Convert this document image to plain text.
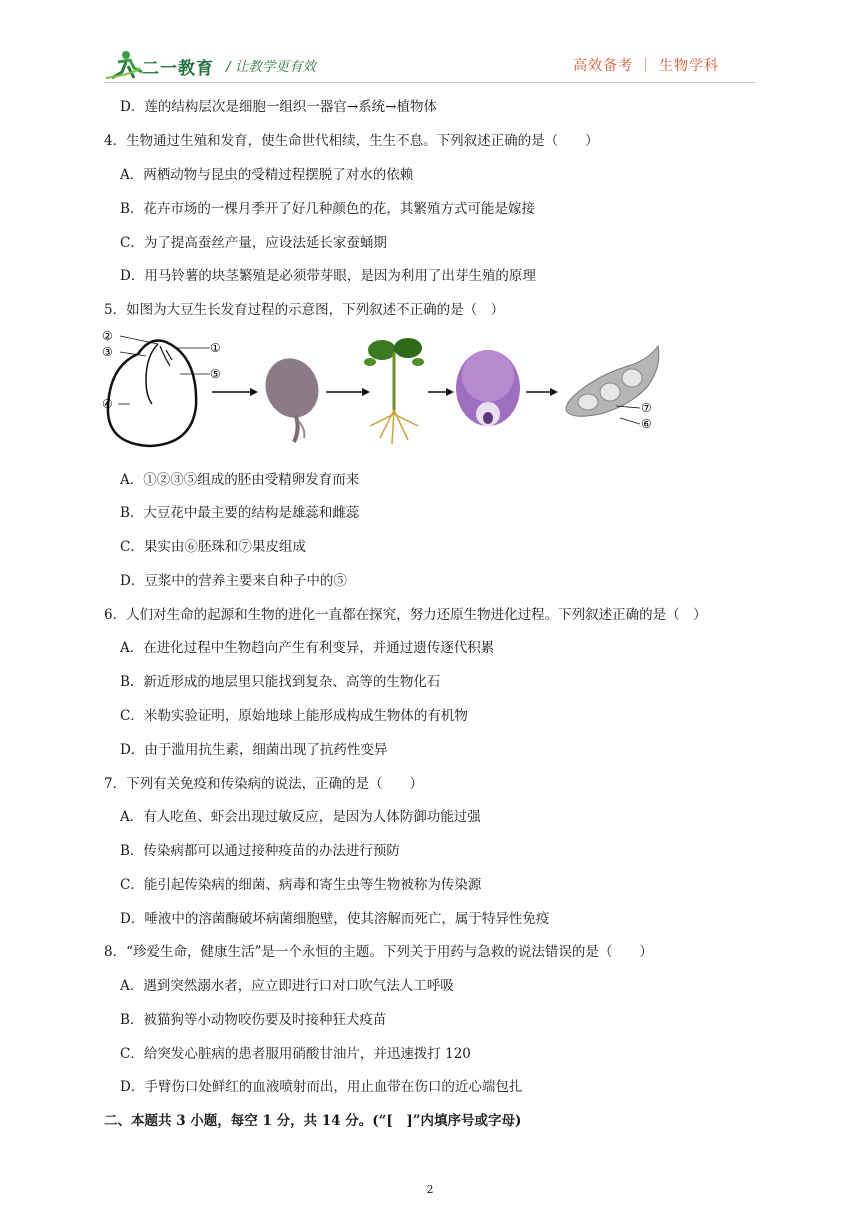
二一教育 / 让教学更有效	高效备考 ｜ 生物学科
D．莲的结构层次是细胞一组织一器官→系统→植物体
4．生物通过生殖和发育，使生命世代相续，生生不息。下列叙述正确的是（　　）
A．两栖动物与昆虫的受精过程摆脱了对水的依赖
B．花卉市场的一棵月季开了好几种颜色的花，其繁殖方式可能是嫁接
C．为了提高蚕丝产量，应设法延长家蚕蛹期
D．用马铃薯的块茎繁殖是必须带芽眼，是因为利用了出芽生殖的原理
5．如图为大豆生长发育过程的示意图，下列叙述不正确的是（　）
②
③	①
⑤
④	⑦
⑥
A．①②③⑤组成的胚由受精卵发育而来
B．大豆花中最主要的结构是雄蕊和雌蕊
C．果实由⑥胚珠和⑦果皮组成
D．豆浆中的营养主要来自种子中的⑤
6．人们对生命的起源和生物的进化一直都在探究，努力还原生物进化过程。下列叙述正确的是（　）
A．在进化过程中生物趋向产生有利变异，并通过遗传逐代积累
B．新近形成的地层里只能找到复杂、高等的生物化石
C．米勒实验证明，原始地球上能形成构成生物体的有机物
D．由于滥用抗生素，细菌出现了抗药性变异
7．下列有关免疫和传染病的说法，正确的是（　　）
A．有人吃鱼、虾会出现过敏反应，是因为人体防御功能过强
B．传染病都可以通过接种疫苗的办法进行预防
C．能引起传染病的细菌、病毒和寄生虫等生物被称为传染源
D．唾液中的溶菌酶破坏病菌细胞壁，使其溶解而死亡，属于特异性免疫
8．“珍爱生命，健康生活”是一个永恒的主题。下列关于用药与急救的说法错误的是（　　）
A．遇到突然溺水者，应立即进行口对口吹气法人工呼吸
B．被猫狗等小动物咬伤要及时接种狂犬疫苗
C．给突发心脏病的患者服用硝酸甘油片，并迅速拨打 120
D．手臂伤口处鲜红的血液喷射而出，用止血带在伤口的近心端包扎
二、本题共 3 小题，每空 1 分，共 14 分。(“[　]”内填序号或字母)
2
